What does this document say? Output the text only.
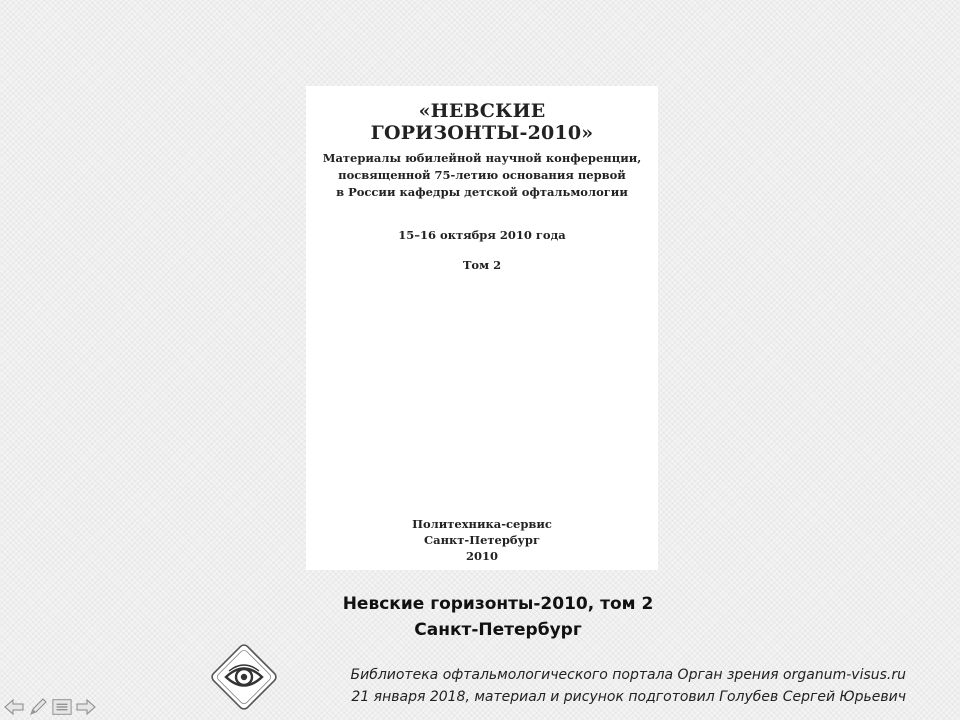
«НЕВСКИЕ ГОРИЗОНТЫ-2010»
Материалы юбилейной научной конференции,
посвященной 75-летию основания первой
в России кафедры детской офтальмологии
15–16 октября 2010 года
Том 2
Политехника-сервис
Санкт-Петербург
2010
Невские горизонты-2010, том 2
Санкт-Петербург
Библиотека офтальмологического портала Орган зрения organum-visus.ru
21 января 2018, материал и рисунок подготовил Голубев Сергей Юрьевич
